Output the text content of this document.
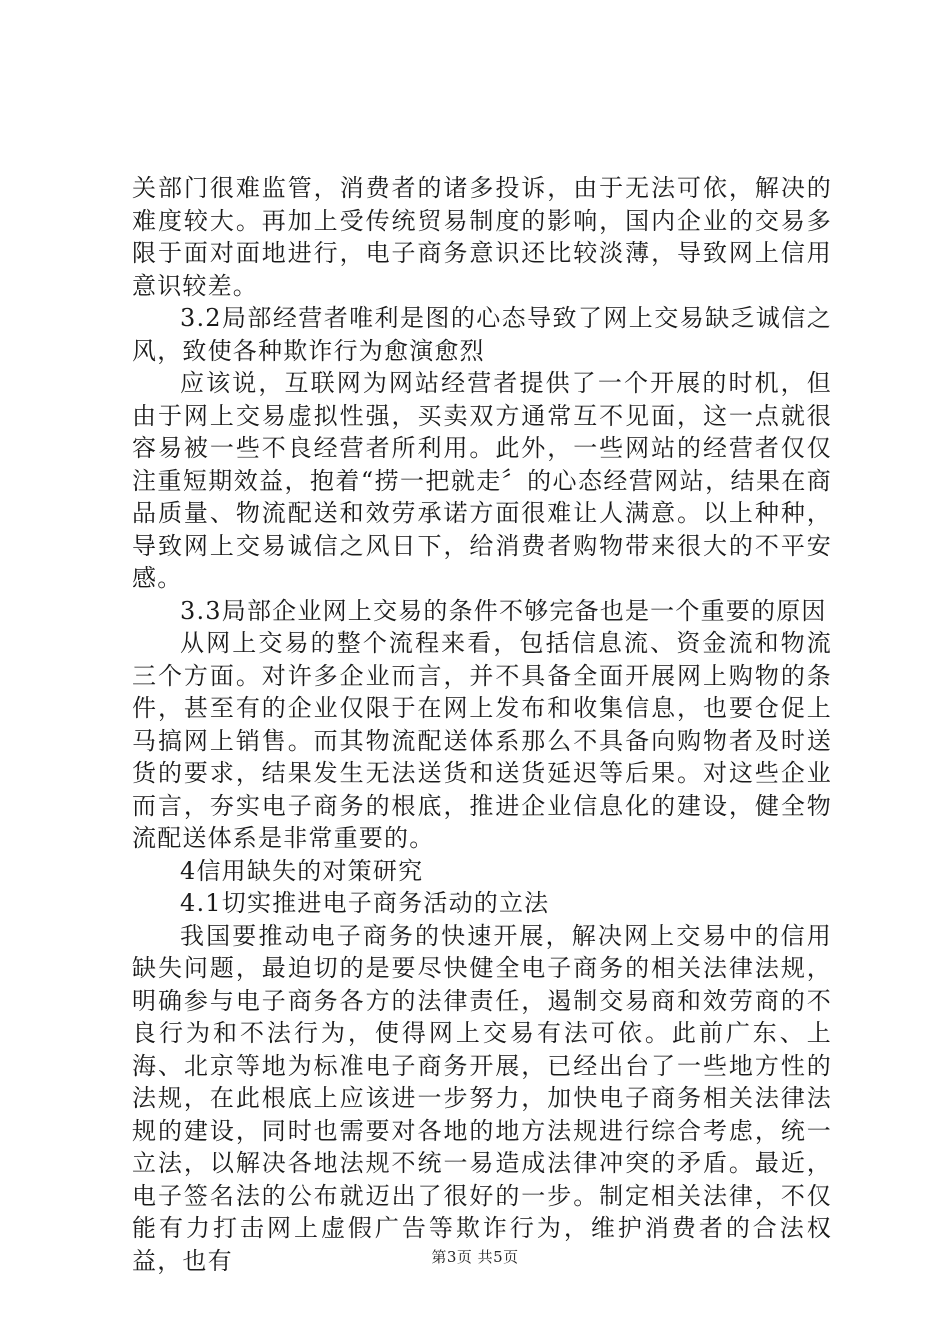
关部门很难监管，消费者的诸多投诉，由于无法可依，解决的难度较大。再加上受传统贸易制度的影响，国内企业的交易多限于面对面地进行，电子商务意识还比较淡薄，导致网上信用意识较差。

3.2局部经营者唯利是图的心态导致了网上交易缺乏诚信之风，致使各种欺诈行为愈演愈烈

应该说，互联网为网站经营者提供了一个开展的时机，但由于网上交易虚拟性强，买卖双方通常互不见面，这一点就很容易被一些不良经营者所利用。此外，一些网站的经营者仅仅注重短期效益，抱着“捞一把就走〞的心态经营网站，结果在商品质量、物流配送和效劳承诺方面很难让人满意。以上种种，导致网上交易诚信之风日下，给消费者购物带来很大的不平安感。

3.3局部企业网上交易的条件不够完备也是一个重要的原因

从网上交易的整个流程来看，包括信息流、资金流和物流三个方面。对许多企业而言，并不具备全面开展网上购物的条件，甚至有的企业仅限于在网上发布和收集信息，也要仓促上马搞网上销售。而其物流配送体系那么不具备向购物者及时送货的要求，结果发生无法送货和送货延迟等后果。对这些企业而言，夯实电子商务的根底，推进企业信息化的建设，健全物流配送体系是非常重要的。

4信用缺失的对策研究

4.1切实推进电子商务活动的立法

我国要推动电子商务的快速开展，解决网上交易中的信用缺失问题，最迫切的是要尽快健全电子商务的相关法律法规，明确参与电子商务各方的法律责任，遏制交易商和效劳商的不良行为和不法行为，使得网上交易有法可依。此前广东、上海、北京等地为标准电子商务开展，已经出台了一些地方性的法规，在此根底上应该进一步努力，加快电子商务相关法律法规的建设，同时也需要对各地的地方法规进行综合考虑，统一立法，以解决各地法规不统一易造成法律冲突的矛盾。最近，电子签名法的公布就迈出了很好的一步。制定相关法律，不仅能有力打击网上虚假广告等欺诈行为，维护消费者的合法权益，也有	第3页 共5页
